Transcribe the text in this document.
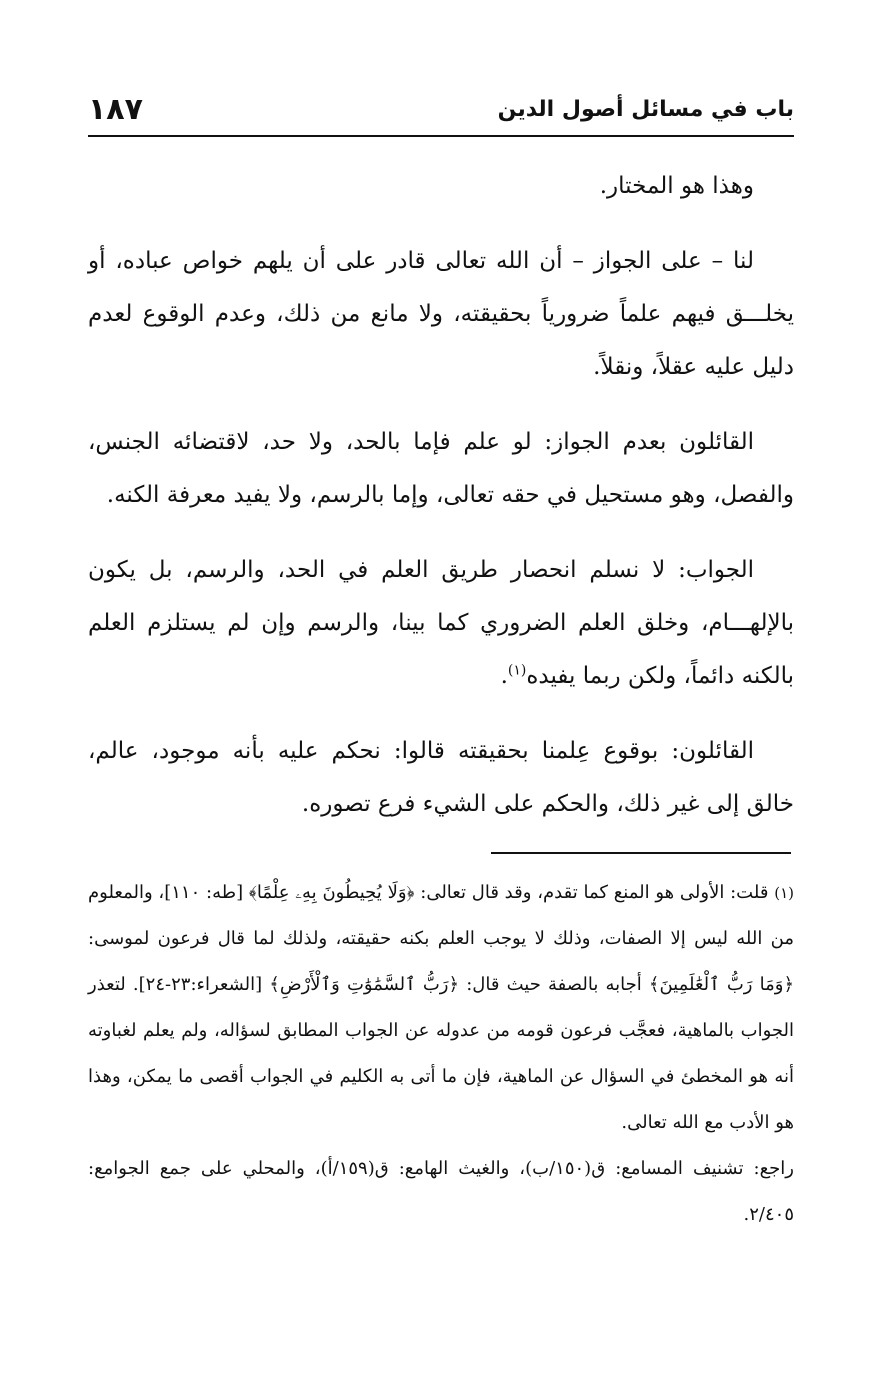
باب في مسائل أصول الدين
١٨٧

وهذا هو المختار.

لنا – على الجواز – أن الله تعالى قادر على أن يلهم خواص عباده، أو يخلـــق فيهم علماً ضرورياً بحقيقته، ولا مانع من ذلك، وعدم الوقوع لعدم دليل عليه عقلاً، ونقلاً.

القائلون بعدم الجواز: لو علم فإما بالحد، ولا حد، لاقتضائه الجنس، والفصل، وهو مستحيل في حقه تعالى، وإما بالرسم، ولا يفيد معرفة الكنه.

الجواب: لا نسلم انحصار طريق العلم في الحد، والرسم، بل يكون بالإلهـــام، وخلق العلم الضروري كما بينا، والرسم وإن لم يستلزم العلم بالكنه دائماً، ولكن ربما يفيده$^{(١)}$.

القائلون: بوقوع عِلمنا بحقيقته قالوا: نحكم عليه بأنه موجود، عالم، خالق إلى غير ذلك، والحكم على الشيء فرع تصوره.

(١) قلت: الأولى هو المنع كما تقدم، وقد قال تعالى: ﴿وَلَا يُحِيطُونَ بِهِۦ عِلْمًا﴾ [طه: ١١٠]، والمعلوم من الله ليس إلا الصفات، وذلك لا يوجب العلم بكنه حقيقته، ولذلك لما قال فرعون لموسى: ﴿وَمَا رَبُّ ٱلْعَٰلَمِينَ﴾ أجابه بالصفة حيث قال: ﴿رَبُّ ٱلسَّمَٰوَٰتِ وَٱلْأَرْضِ﴾ [الشعراء:٢٣-٢٤]. لتعذر الجواب بالماهية، فعجَّب فرعون قومه من عدوله عن الجواب المطابق لسؤاله، ولم يعلم لغباوته أنه هو المخطئ في السؤال عن الماهية، فإن ما أتى به الكليم في الجواب أقصى ما يمكن، وهذا هو الأدب مع الله تعالى.

راجع: تشنيف المسامع: ق(١٥٠/ب)، والغيث الهامع: ق(١٥٩/أ)، والمحلي على جمع الجوامع: ٢/٤٠٥.
